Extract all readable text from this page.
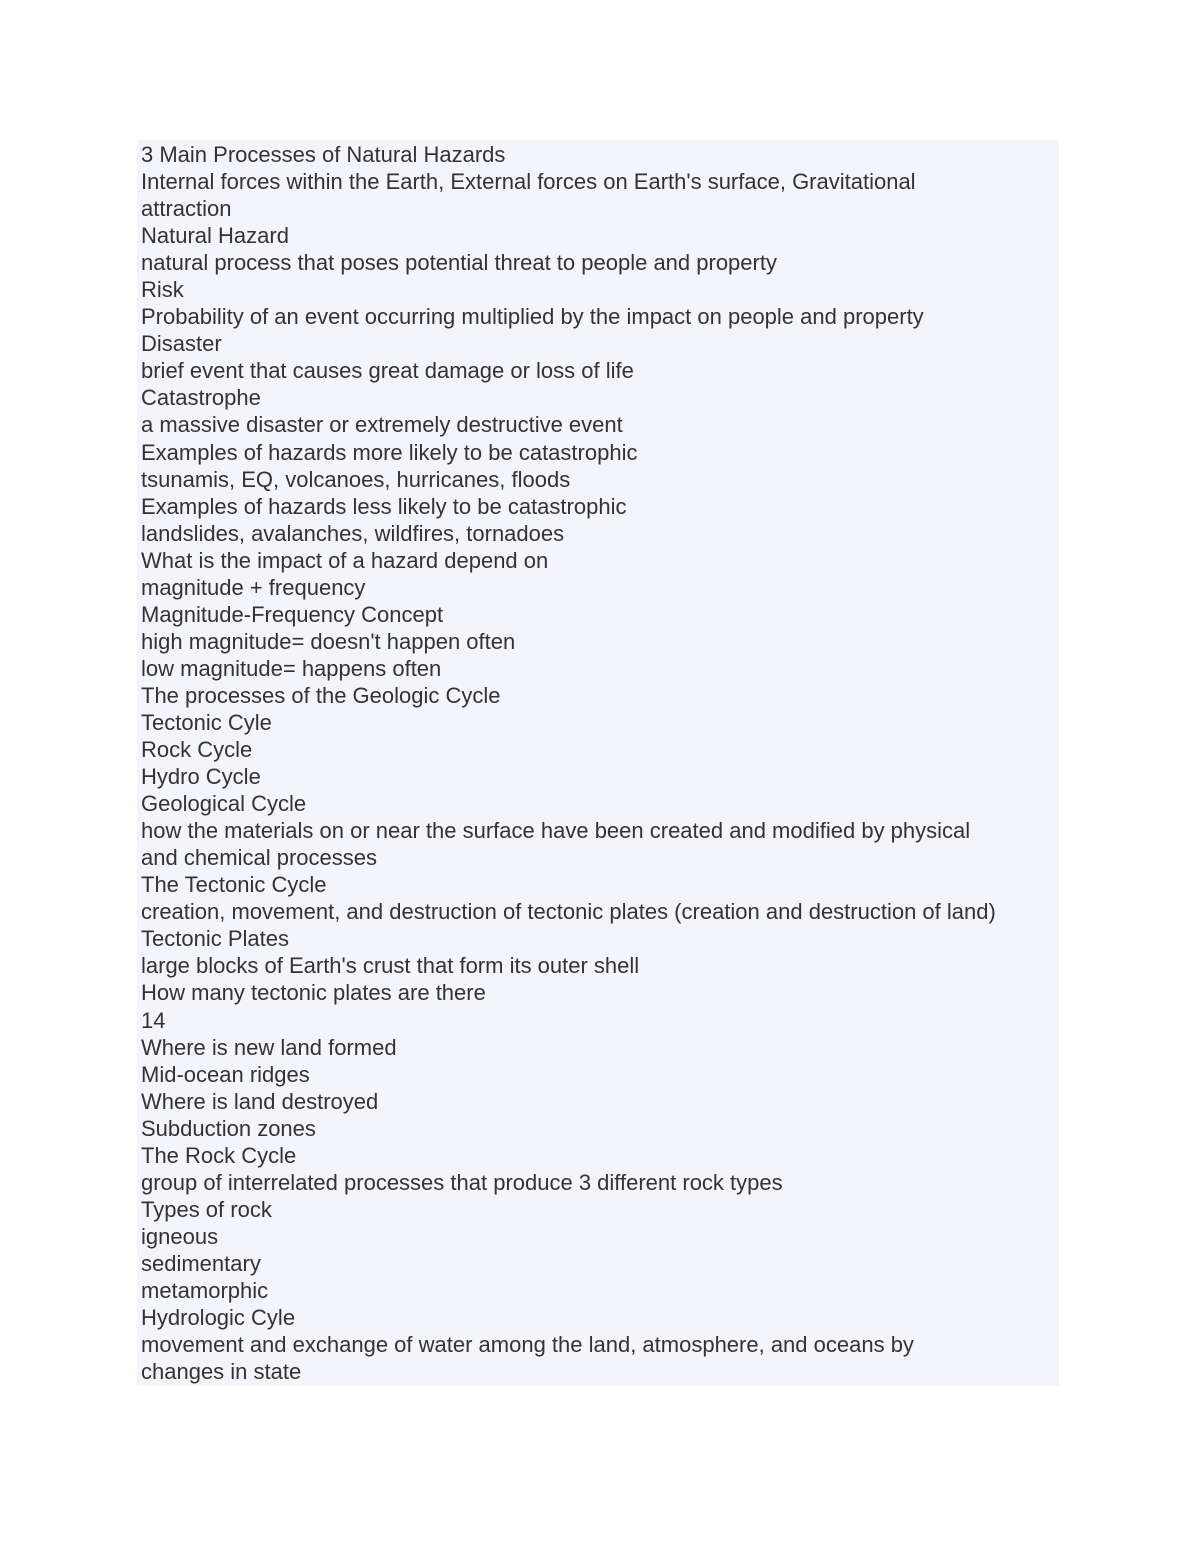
3 Main Processes of Natural Hazards
Internal forces within the Earth, External forces on Earth's surface, Gravitational
attraction
Natural Hazard
natural process that poses potential threat to people and property
Risk
Probability of an event occurring multiplied by the impact on people and property
Disaster
brief event that causes great damage or loss of life
Catastrophe
a massive disaster or extremely destructive event
Examples of hazards more likely to be catastrophic
tsunamis, EQ, volcanoes, hurricanes, floods
Examples of hazards less likely to be catastrophic
landslides, avalanches, wildfires, tornadoes
What is the impact of a hazard depend on
magnitude + frequency
Magnitude-Frequency Concept
high magnitude= doesn't happen often
low magnitude= happens often
The processes of the Geologic Cycle
Tectonic Cyle
Rock Cycle
Hydro Cycle
Geological Cycle
how the materials on or near the surface have been created and modified by physical
and chemical processes
The Tectonic Cycle
creation, movement, and destruction of tectonic plates (creation and destruction of land)
Tectonic Plates
large blocks of Earth's crust that form its outer shell
How many tectonic plates are there
14
Where is new land formed
Mid-ocean ridges
Where is land destroyed
Subduction zones
The Rock Cycle
group of interrelated processes that produce 3 different rock types
Types of rock
igneous
sedimentary
metamorphic
Hydrologic Cyle
movement and exchange of water among the land, atmosphere, and oceans by
changes in state
